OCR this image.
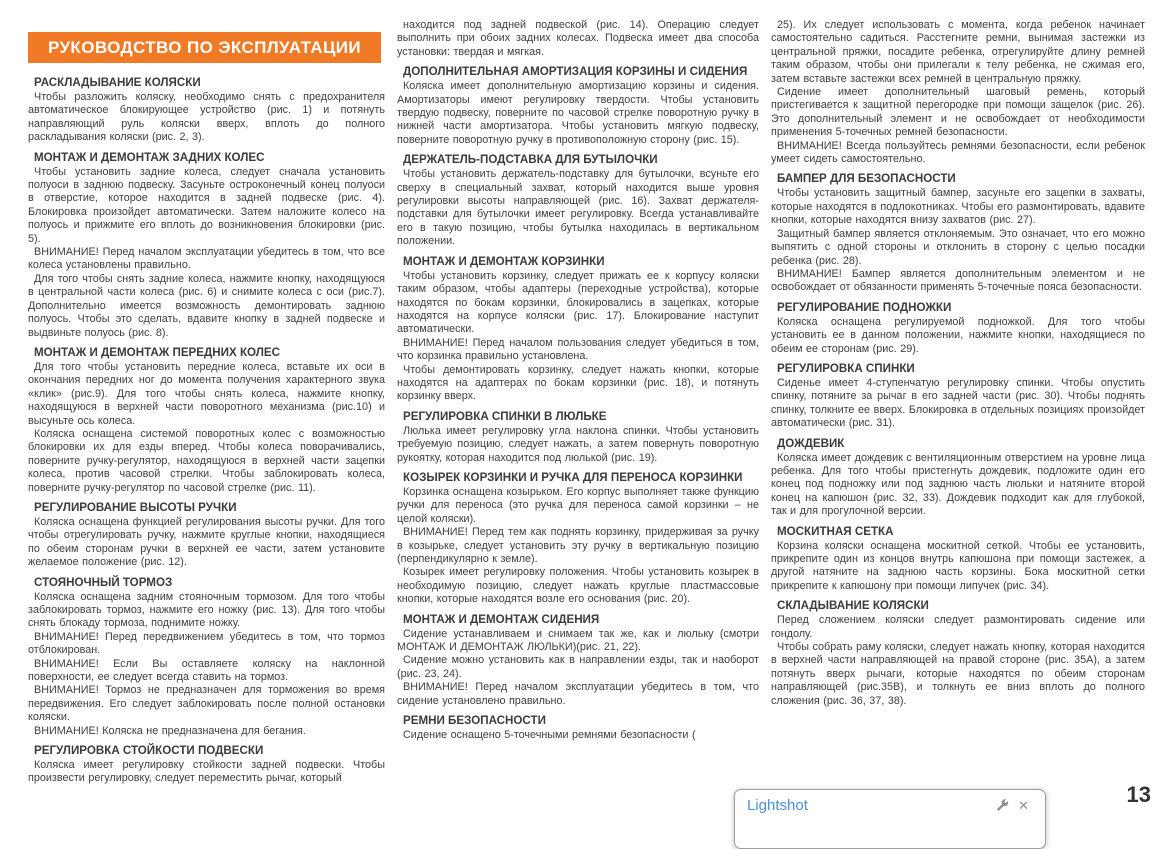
РУКОВОДСТВО ПО ЭКСПЛУАТАЦИИ
РАСКЛАДЫВАНИЕ КОЛЯСКИ

Чтобы разложить коляску, необходимо снять с предохранителя автоматическое блокирующее устройство (рис. 1) и потянуть направляющий руль коляски вверх, вплоть до полного раскладывания коляски (рис. 2, 3).

МОНТАЖ И ДЕМОНТАЖ ЗАДНИХ КОЛЕС

Чтобы установить задние колеса, следует сначала установить полуоси в заднюю подвеску. Засуньте остроконечный конец полуоси в отверстие, которое находится в задней подвеске (рис. 4). Блокировка произойдет автоматически. Затем наложите колесо на полуось и прижмите его вплоть до возникновения блокировки (рис. 5).

ВНИМАНИЕ! Перед началом эксплуатации убедитесь в том, что все колеса установлены правильно.

Для того чтобы снять задние колеса, нажмите кнопку, находящуюся в центральной части колеса (рис. 6) и снимите колеса с оси (рис.7). Дополнительно имеется возможность демонтировать заднюю полуось. Чтобы это сделать, вдавите кнопку в задней подвеске и выдвиньте полуось (рис. 8).

МОНТАЖ И ДЕМОНТАЖ ПЕРЕДНИХ КОЛЕС

Для того чтобы установить передние колеса, вставьте их оси в окончания передних ног до момента получения характерного звука «клик» (рис.9). Для того чтобы снять колеса, нажмите кнопку, находящуюся в верхней части поворотного механизма (рис.10) и высуньте ось колеса.

Коляска оснащена системой поворотных колес с возможностью блокировки их для езды вперед. Чтобы колеса поворачивались, поверните ручку-регулятор, находящуюся в верхней части зацепки колеса, против часовой стрелки. Чтобы заблокировать колеса, поверните ручку-регулятор по часовой стрелке (рис. 11).

РЕГУЛИРОВАНИЕ ВЫСОТЫ РУЧКИ

Коляска оснащена функцией регулирования высоты ручки. Для того чтобы отрегулировать ручку, нажмите круглые кнопки, находящиеся по обеим сторонам ручки в верхней ее части, затем установите желаемое положение (рис. 12).

СТОЯНОЧНЫЙ ТОРМОЗ

Коляска оснащена задним стояночным тормозом. Для того чтобы заблокировать тормоз, нажмите его ножку (рис. 13). Для того чтобы снять блокаду тормоза, поднимите ножку.

ВНИМАНИЕ! Перед передвижением убедитесь в том, что тормоз отблокирован.

ВНИМАНИЕ! Если Вы оставляете коляску на наклонной поверхности, ее следует всегда ставить на тормоз.

ВНИМАНИЕ! Тормоз не предназначен для торможения во время передвижения. Его следует заблокировать после полной остановки коляски.

ВНИМАНИЕ! Коляска не предназначена для бегания.

РЕГУЛИРОВКА СТОЙКОСТИ ПОДВЕСКИ

Коляска имеет регулировку стойкости задней подвески. Чтобы произвести регулировку, следует переместить рычаг, который

находится под задней подвеской (рис. 14). Операцию следует выполнить при обоих задних колесах. Подвеска имеет два способа установки: твердая и мягкая.

ДОПОЛНИТЕЛЬНАЯ АМОРТИЗАЦИЯ КОРЗИНЫ И СИДЕНИЯ

Коляска имеет дополнительную амортизацию корзины и сидения. Амортизаторы имеют регулировку твердости. Чтобы установить твердую подвеску, поверните по часовой стрелке поворотную ручку в нижней части амортизатора. Чтобы установить мягкую подвеску, поверните поворотную ручку в противоположную сторону (рис. 15).

ДЕРЖАТЕЛЬ-ПОДСТАВКА ДЛЯ БУТЫЛОЧКИ

Чтобы установить держатель-подставку для бутылочки, всуньте его сверху в специальный захват, который находится выше уровня регулировки высоты направляющей (рис. 16). Захват держателя-подставки для бутылочки имеет регулировку. Всегда устанавливайте его в такую позицию, чтобы бутылка находилась в вертикальном положении.

МОНТАЖ И ДЕМОНТАЖ КОРЗИНКИ

Чтобы установить корзинку, следует прижать ее к корпусу коляски таким образом, чтобы адаптеры (переходные устройства), которые находятся по бокам корзинки, блокировались в зацепках, которые находятся на корпусе коляски (рис. 17). Блокирование наступит автоматически.

ВНИМАНИЕ! Перед началом пользования следует убедиться в том, что корзинка правильно установлена.

Чтобы демонтировать корзинку, следует нажать кнопки, которые находятся на адаптерах по бокам корзинки (рис. 18), и потянуть корзинку вверх.

РЕГУЛИРОВКА СПИНКИ В ЛЮЛЬКЕ

Люлька имеет регулировку угла наклона спинки. Чтобы установить требуемую позицию, следует нажать, а затем повернуть поворотную рукоятку, которая находится под люлькой (рис. 19).

КОЗЫРЕК КОРЗИНКИ И РУЧКА ДЛЯ ПЕРЕНОСА КОРЗИНКИ

Корзинка оснащена козырьком. Его корпус выполняет также функцию ручки для переноса (это ручка для переноса самой корзинки – не целой коляски).

ВНИМАНИЕ! Перед тем как поднять корзинку, придерживая за ручку в козырьке, следует установить эту ручку в вертикальную позицию (перпендикулярно к земле).

Козырек имеет регулировку положения. Чтобы установить козырек в необходимую позицию, следует нажать круглые пластмассовые кнопки, которые находятся возле его основания (рис. 20).

МОНТАЖ И ДЕМОНТАЖ СИДЕНИЯ

Сидение устанавливаем и снимаем так же, как и люльку (смотри МОНТАЖ И ДЕМОНТАЖ ЛЮЛЬКИ)(рис. 21, 22).

Сидение можно установить как в направлении езды, так и наоборот (рис. 23, 24).

ВНИМАНИЕ! Перед началом эксплуатации убедитесь в том, что сидение установлено правильно.

РЕМНИ БЕЗОПАСНОСТИ

Сидение оснащено 5-точечными ремнями безопасности (

25). Их следует использовать с момента, когда ребенок начинает самостоятельно садиться. Расстегните ремни, вынимая застежки из центральной пряжки, посадите ребенка, отрегулируйте длину ремней таким образом, чтобы они прилегали к телу ребенка, не сжимая его, затем вставьте застежки всех ремней в центральную пряжку.

Сидение имеет дополнительный шаговый ремень, который пристегивается к защитной перегородке при помощи защелок (рис. 26). Это дополнительный элемент и не освобождает от необходимости применения 5-точечных ремней безопасности.

ВНИМАНИЕ! Всегда пользуйтесь ремнями безопасности, если ребенок умеет сидеть самостоятельно.

БАМПЕР ДЛЯ БЕЗОПАСНОСТИ

Чтобы установить защитный бампер, засуньте его зацепки в захваты, которые находятся в подлокотниках. Чтобы его размонтировать, вдавите кнопки, которые находятся внизу захватов (рис. 27).

Защитный бампер является отклоняемым. Это означает, что его можно выпятить с одной стороны и отклонить в сторону с целью посадки ребенка (рис. 28).

ВНИМАНИЕ! Бампер является дополнительным элементом и не освобождает от обязанности применять 5-точечные пояса безопасности.

РЕГУЛИРОВАНИЕ ПОДНОЖКИ

Коляска оснащена регулируемой подножкой. Для того чтобы установить ее в данном положении, нажмите кнопки, находящиеся по обеим ее сторонам (рис. 29).

РЕГУЛИРОВКА СПИНКИ

Сиденье имеет 4-ступенчатую регулировку спинки. Чтобы опустить спинку, потяните за рычаг в его задней части (рис. 30). Чтобы поднять спинку, толкните ее вверх. Блокировка в отдельных позициях произойдет автоматически (рис. 31).

ДОЖДЕВИК

Коляска имеет дождевик с вентиляционным отверстием на уровне лица ребенка. Для того чтобы пристегнуть дождевик, подложите один его конец под подножку или под заднюю часть люльки и натяните второй конец на капюшон (рис. 32, 33). Дождевик подходит как для глубокой, так и для прогулочной версии.

МОСКИТНАЯ СЕТКА

Корзина коляски оснащена москитной сеткой. Чтобы ее установить, прикрепите один из концов внутрь капюшона при помощи застежек, а другой натяните на заднюю часть корзины. Бока москитной сетки прикрепите к капюшону при помощи липучек (рис. 34).

СКЛАДЫВАНИЕ КОЛЯСКИ

Перед сложением коляски следует размонтировать сидение или гондолу.

Чтобы собрать раму коляски, следует нажать кнопку, которая находится в верхней части направляющей на правой стороне (рис. 35А), а затем потянуть вверх рычаги, которые находятся по обеим сторонам направляющей (рис.35В), и толкнуть ее вниз вплоть до полного сложения (рис. 36, 37, 38).

13
Lightshot	✕
